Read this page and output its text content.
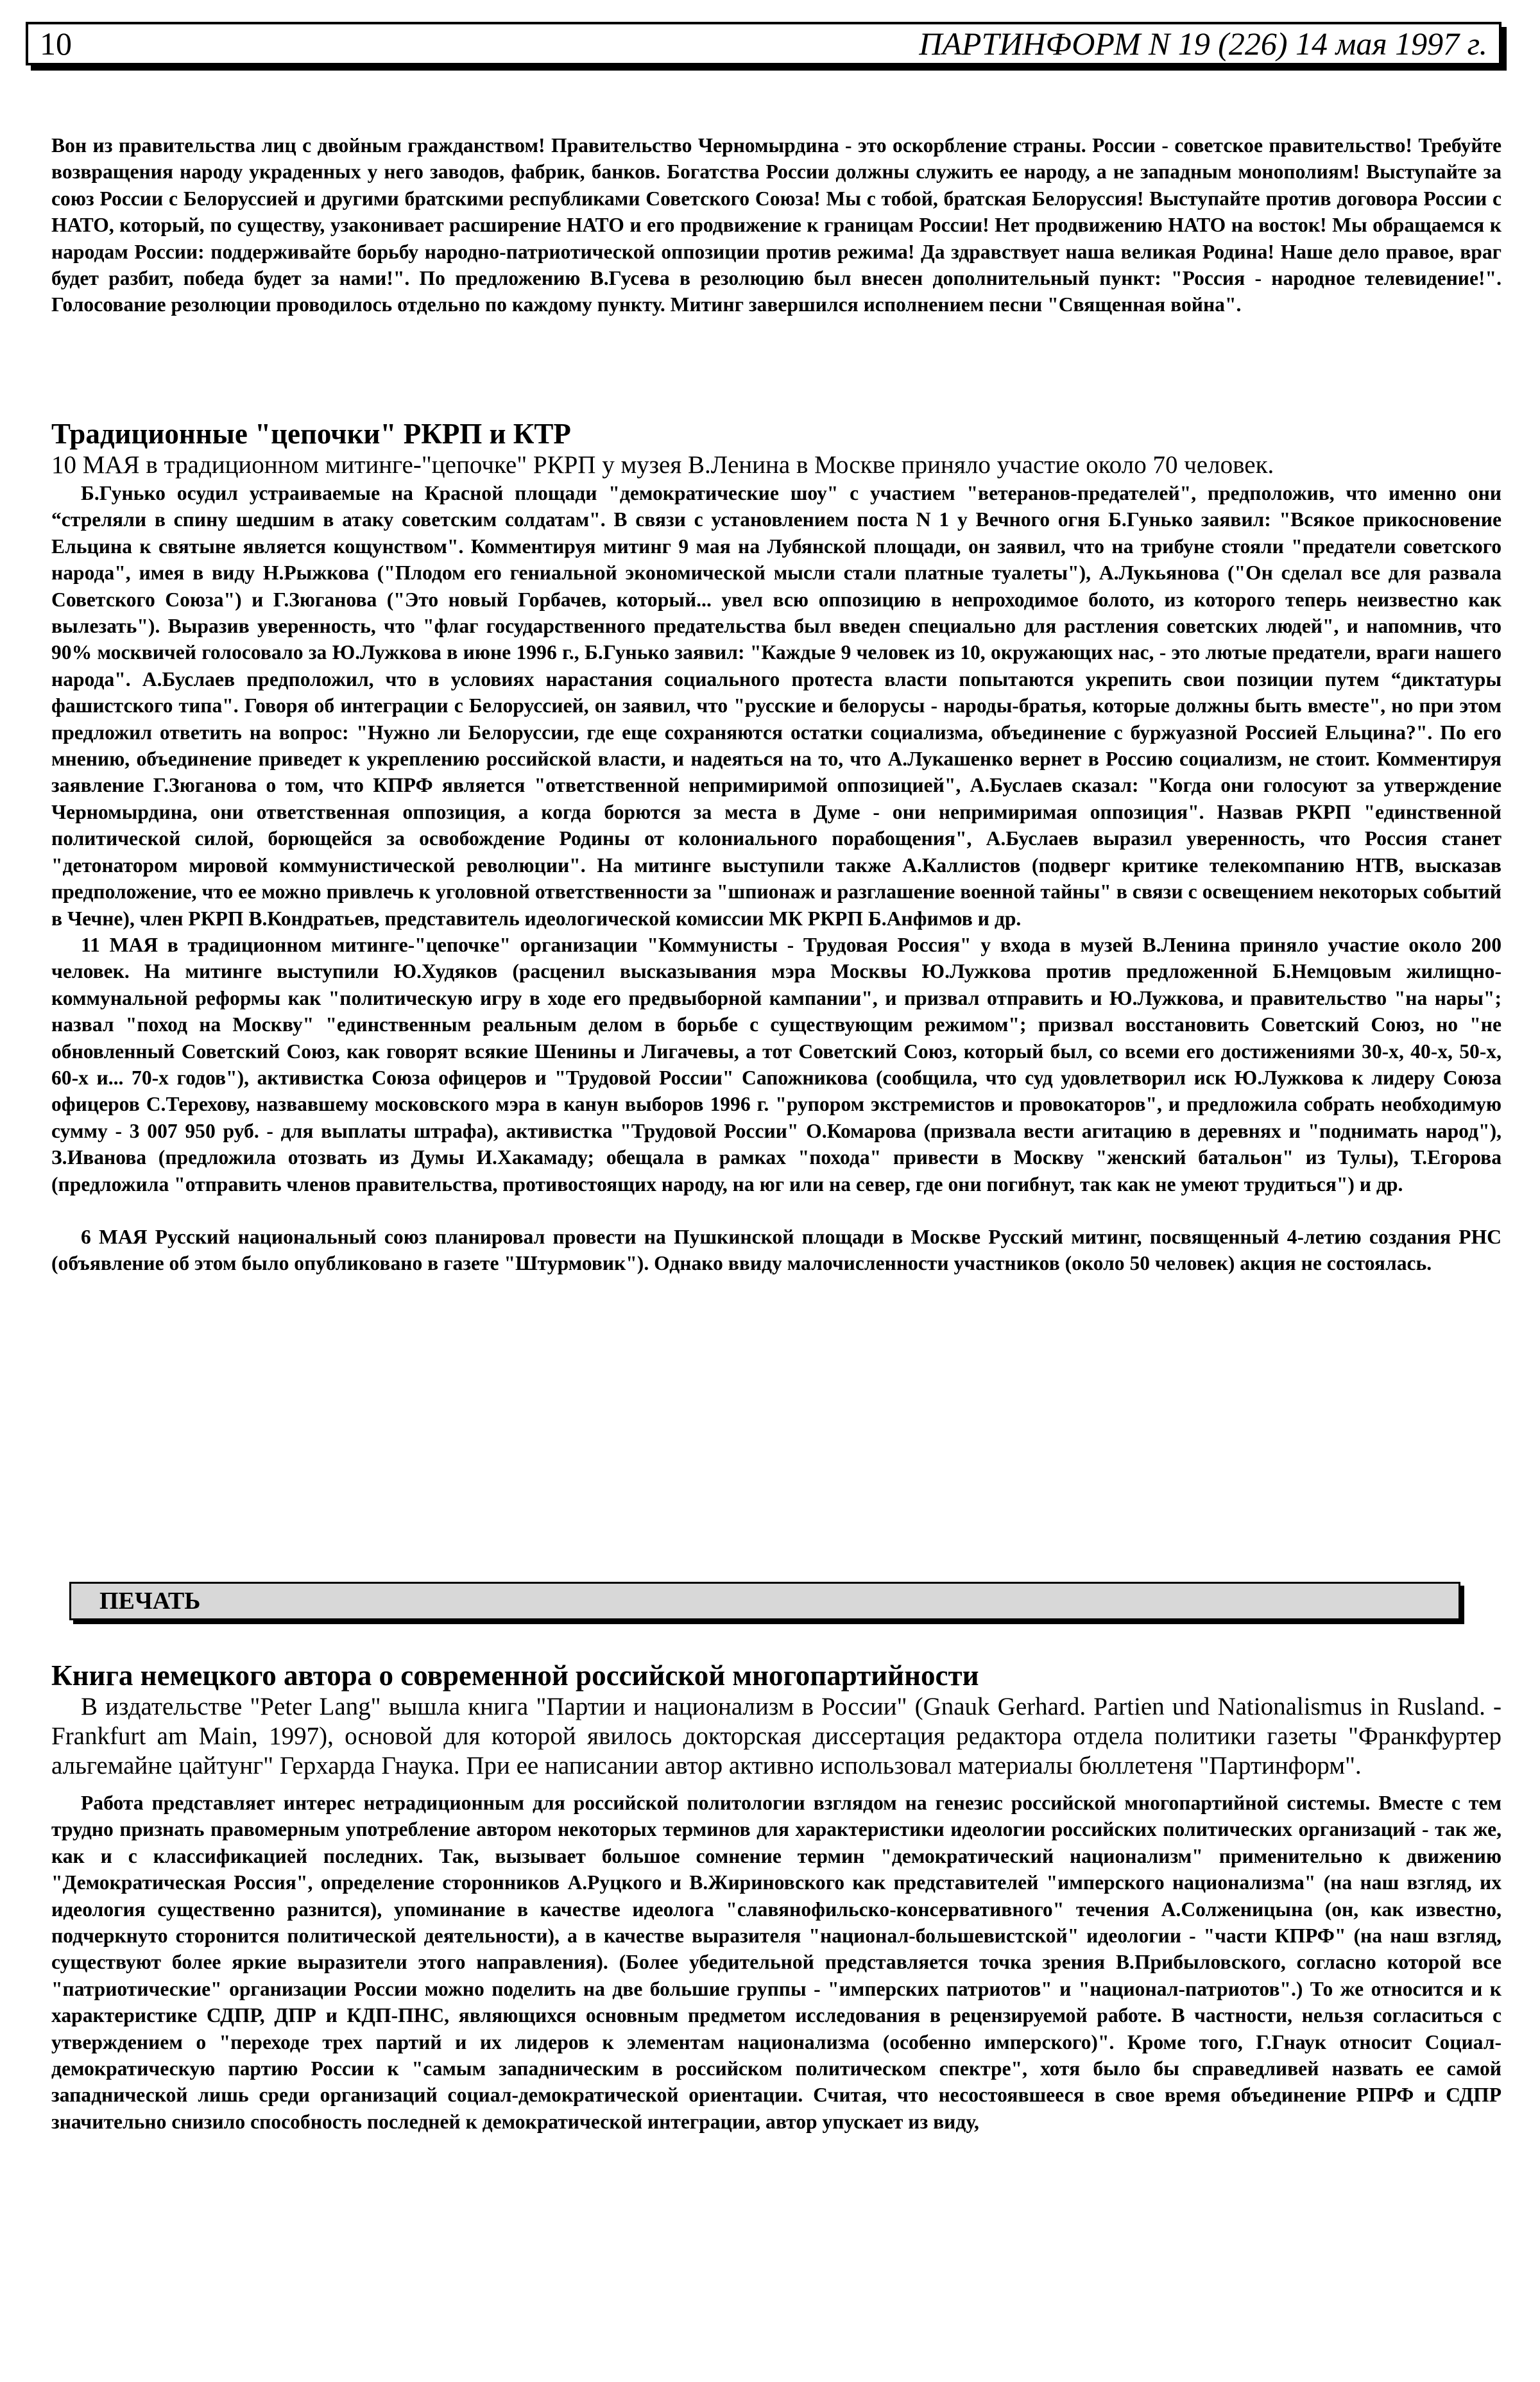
10	ПАРТИНФОРМ N 19 (226) 14 мая 1997 г.

Вон из правительства лиц с двойным гражданством! Правительство Черномырдина - это оскорбление страны. России - советское правительство! Требуйте возвращения народу украденных у него заводов, фабрик, банков. Богатства России должны служить ее народу, а не западным монополиям! Выступайте за союз России с Белоруссией и другими братскими республиками Советского Союза! Мы с тобой, братская Белоруссия! Выступайте против договора России с НАТО, который, по существу, узаконивает расширение НАТО и его продвижение к границам России! Нет продвижению НАТО на восток! Мы обращаемся к народам России: поддерживайте борьбу народно-патриотической оппозиции против режима! Да здравствует наша великая Родина! Наше дело правое, враг будет разбит, победа будет за нами!". По предложению В.Гусева в резолюцию был внесен дополнительный пункт: "Россия - народное телевидение!". Голосование резолюции проводилось отдельно по каждому пункту. Митинг завершился исполнением песни "Священная война".

Традиционные "цепочки" РКРП и КТР

10 МАЯ в традиционном митинге-"цепочке" РКРП у музея В.Ленина в Москве приняло участие около 70 человек.

Б.Гунько осудил устраиваемые на Красной площади "демократические шоу" с участием "ветеранов-предателей", предположив, что именно они “стреляли в спину шедшим в атаку советским солдатам". В связи с установлением поста N 1 у Вечного огня Б.Гунько заявил: "Всякое прикосновение Ельцина к святыне является кощунством". Комментируя митинг 9 мая на Лубянской площади, он заявил, что на трибуне стояли "предатели советского народа", имея в виду Н.Рыжкова ("Плодом его гениальной экономической мысли стали платные туалеты"), А.Лукьянова ("Он сделал все для развала Советского Союза") и Г.Зюганова ("Это новый Горбачев, который... увел всю оппозицию в непроходимое болото, из которого теперь неизвестно как вылезать"). Выразив уверенность, что "флаг государственного предательства был введен специально для растления советских людей", и напомнив, что 90% москвичей голосовало за Ю.Лужкова в июне 1996 г., Б.Гунько заявил: "Каждые 9 человек из 10, окружающих нас, - это лютые предатели, враги нашего народа". А.Буслаев предположил, что в условиях нарастания социального протеста власти попытаются укрепить свои позиции путем “диктатуры фашистского типа". Говоря об интеграции с Белоруссией, он заявил, что "русские и белорусы - народы-братья, которые должны быть вместе", но при этом предложил ответить на вопрос: "Нужно ли Белоруссии, где еще сохраняются остатки социализма, объединение с буржуазной Россией Ельцина?". По его мнению, объединение приведет к укреплению российской власти, и надеяться на то, что А.Лукашенко вернет в Россию социализм, не стоит. Комментируя заявление Г.Зюганова о том, что КПРФ является "ответственной непримиримой оппозицией", А.Буслаев сказал: "Когда они голосуют за утверждение Черномырдина, они ответственная оппозиция, а когда борются за места в Думе - они непримиримая оппозиция". Назвав РКРП "единственной политической силой, борющейся за освобождение Родины от колониального порабощения", А.Буслаев выразил уверенность, что Россия станет "детонатором мировой коммунистической революции". На митинге выступили также А.Каллистов (подверг критике телекомпанию НТВ, высказав предположение, что ее можно привлечь к уголовной ответственности за "шпионаж и разглашение военной тайны" в связи с освещением некоторых событий в Чечне), член РКРП В.Кондратьев, представитель идеологической комиссии МК РКРП Б.Анфимов и др.

11 МАЯ в традиционном митинге-"цепочке" организации "Коммунисты - Трудовая Россия" у входа в музей В.Ленина приняло участие около 200 человек. На митинге выступили Ю.Худяков (расценил высказывания мэра Москвы Ю.Лужкова против предложенной Б.Немцовым жилищно-коммунальной реформы как "политическую игру в ходе его предвыборной кампании", и призвал отправить и Ю.Лужкова, и правительство "на нары"; назвал "поход на Москву" "единственным реальным делом в борьбе с существующим режимом"; призвал восстановить Советский Союз, но "не обновленный Советский Союз, как говорят всякие Шенины и Лигачевы, а тот Советский Союз, который был, со всеми его достижениями 30-х, 40-х, 50-х, 60-х и... 70-х годов"), активистка Союза офицеров и "Трудовой России" Сапожникова (сообщила, что суд удовлетворил иск Ю.Лужкова к лидеру Союза офицеров С.Терехову, назвавшему московского мэра в канун выборов 1996 г. "рупором экстремистов и провокаторов", и предложила собрать необходимую сумму - 3 007 950 руб. - для выплаты штрафа), активистка "Трудовой России" О.Комарова (призвала вести агитацию в деревнях и "поднимать народ"), З.Иванова (предложила отозвать из Думы И.Хакамаду; обещала в рамках "похода" привести в Москву "женский батальон" из Тулы), Т.Егорова (предложила "отправить членов правительства, противостоящих народу, на юг или на север, где они погибнут, так как не умеют трудиться") и др.

6 МАЯ Русский национальный союз планировал провести на Пушкинской площади в Москве Русский митинг, посвященный 4-летию создания РНС (объявление об этом было опубликовано в газете "Штурмовик"). Однако ввиду малочисленности участников (около 50 человек) акция не состоялась.

ПЕЧАТЬ
Книга немецкого автора о современной российской многопартийности

В издательстве "Peter Lang" вышла книга "Партии и национализм в России" (Gnauk Gerhard. Partien und Nationalismus in Rusland. - Frankfurt am Main, 1997), основой для которой явилось докторская диссертация редактора отдела политики газеты "Франкфуртер альгемайне цайтунг" Герхарда Гнаука. При ее написании автор активно использовал материалы бюллетеня "Партинформ".

Работа представляет интерес нетрадиционным для российской политологии взглядом на генезис российской многопартийной системы. Вместе с тем трудно признать правомерным употребление автором некоторых терминов для характеристики идеологии российских политических организаций - так же, как и с классификацией последних. Так, вызывает большое сомнение термин "демократический национализм" применительно к движению "Демократическая Россия", определение сторонников А.Руцкого и В.Жириновского как представителей "имперского национализма" (на наш взгляд, их идеология существенно разнится), упоминание в качестве идеолога "славянофильско-консервативного" течения А.Солженицына (он, как известно, подчеркнуто сторонится политической деятельности), а в качестве выразителя "национал-большевистской" идеологии - "части КПРФ" (на наш взгляд, существуют более яркие выразители этого направления). (Более убедительной представляется точка зрения В.Прибыловского, согласно которой все "патриотические" организации России можно поделить на две большие группы - "имперских патриотов" и "национал-патриотов".) То же относится и к характеристике СДПР, ДПР и КДП-ПНС, являющихся основным предметом исследования в рецензируемой работе. В частности, нельзя согласиться с утверждением о "переходе трех партий и их лидеров к элементам национализма (особенно имперского)". Кроме того, Г.Гнаук относит Социал-демократическую партию России к "самым западническим в российском политическом спектре", хотя было бы справедливей назвать ее самой западнической лишь среди организаций социал-демократической ориентации. Считая, что несостоявшееся в свое время объединение РПРФ и СДПР значительно снизило способность последней к демократической интеграции, автор упускает из виду,
